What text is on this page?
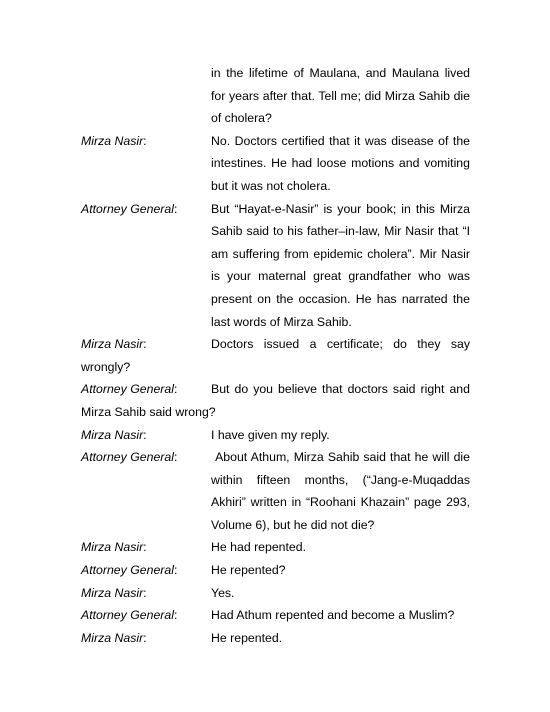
in the lifetime of Maulana, and Maulana lived for years after that. Tell me; did Mirza Sahib die of cholera?
Mirza Nasir:	No. Doctors certified that it was disease of the intestines. He had loose motions and vomiting but it was not cholera.
Attorney General:	But “Hayat-e-Nasir” is your book; in this Mirza Sahib said to his father–in-law, Mir Nasir that “I am suffering from epidemic cholera”. Mir Nasir is your maternal great grandfather who was present on the occasion. He has narrated the last words of Mirza Sahib.
Mirza Nasir:	Doctors issued a certificate; do they say wrongly?
Attorney General:	But do you believe that doctors said right and Mirza Sahib said wrong?
Mirza Nasir:	I have given my reply.
Attorney General:	About Athum, Mirza Sahib said that he will die within fifteen months, (“Jang-e-Muqaddas Akhiri” written in “Roohani Khazain” page 293, Volume 6), but he did not die?
Mirza Nasir:	He had repented.
Attorney General:	He repented?
Mirza Nasir:	Yes.
Attorney General:	Had Athum repented and become a Muslim?
Mirza Nasir:	He repented.
